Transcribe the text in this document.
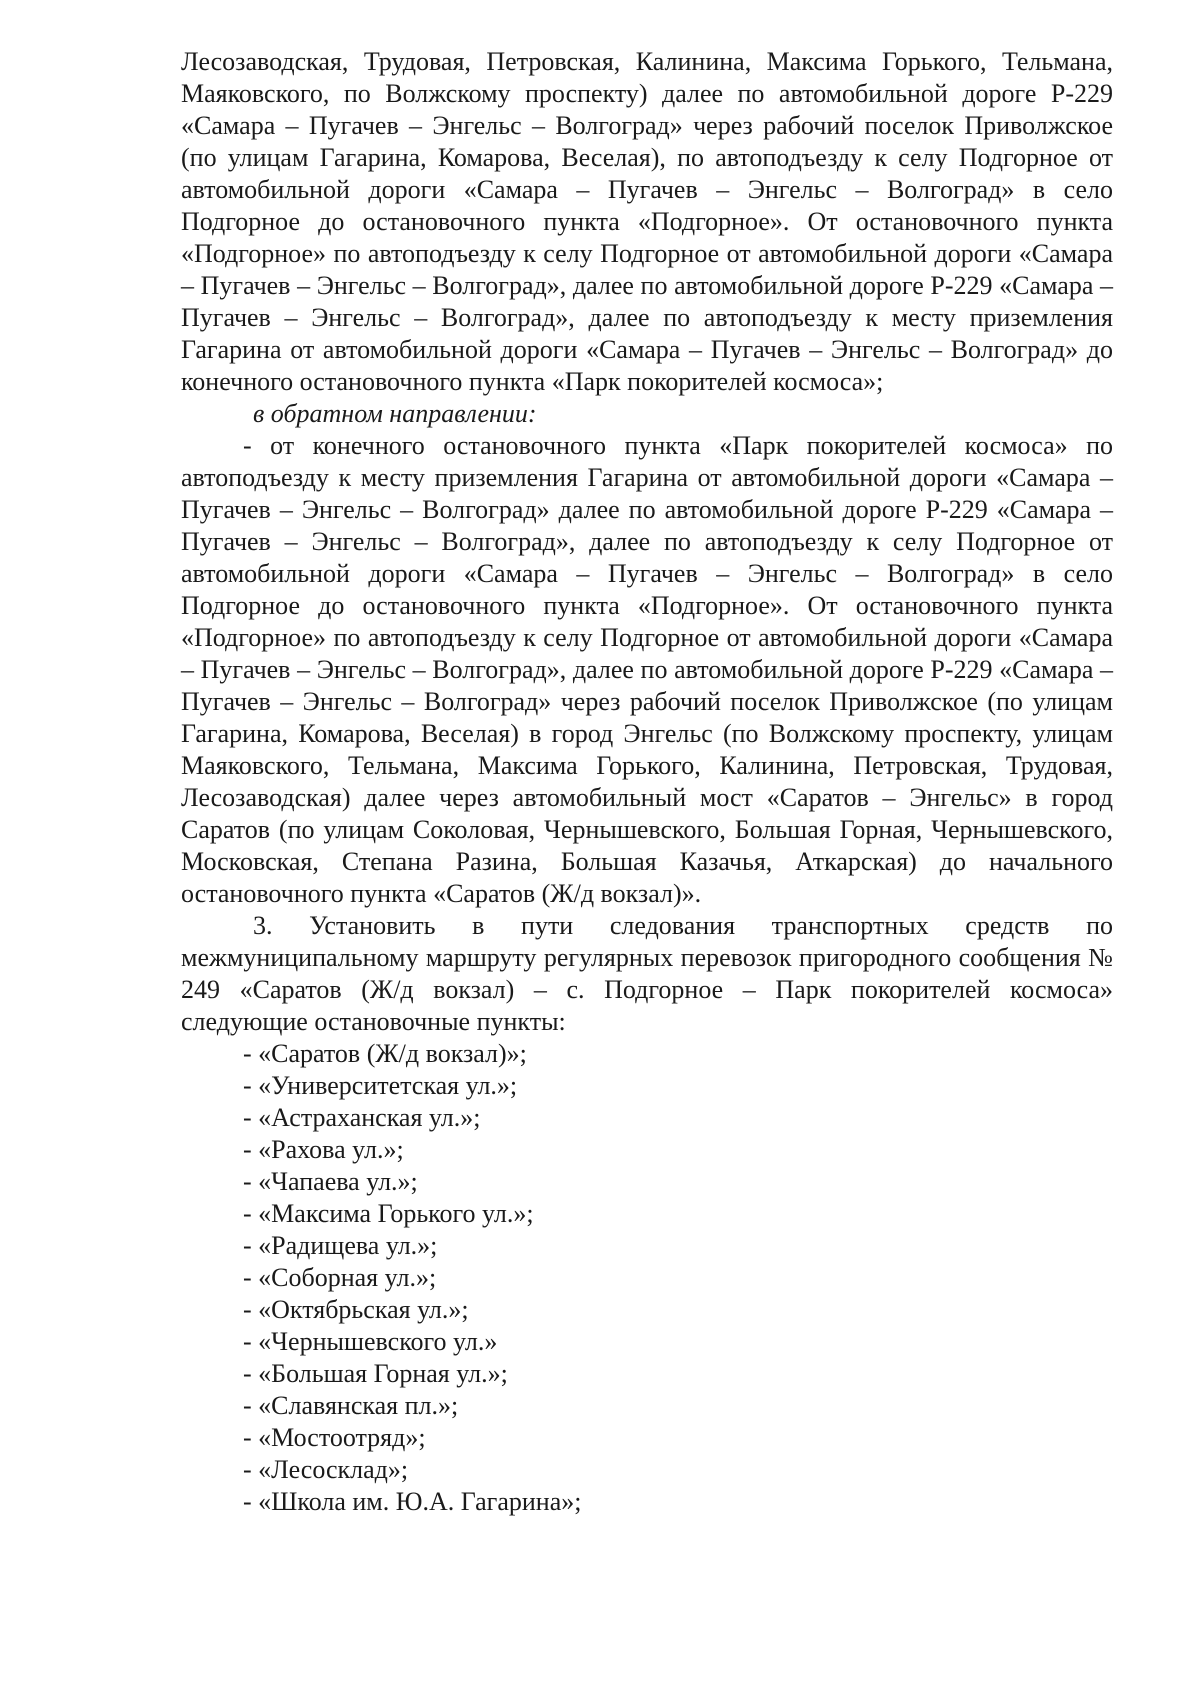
Лесозаводская, Трудовая, Петровская, Калинина, Максима Горького, Тельмана, Маяковского, по Волжскому проспекту) далее по автомобильной дороге Р-229 «Самара – Пугачев – Энгельс – Волгоград» через рабочий поселок Приволжское (по улицам Гагарина, Комарова, Веселая), по автоподъезду к селу Подгорное от автомобильной дороги «Самара – Пугачев – Энгельс – Волгоград» в село Подгорное до остановочного пункта «Подгорное». От остановочного пункта «Подгорное» по автоподъезду к селу Подгорное от автомобильной дороги «Самара – Пугачев – Энгельс – Волгоград», далее по автомобильной дороге Р-229 «Самара – Пугачев – Энгельс – Волгоград», далее по автоподъезду к месту приземления Гагарина от автомобильной дороги «Самара – Пугачев – Энгельс – Волгоград» до конечного остановочного пункта «Парк покорителей космоса»;

в обратном направлении:

- от конечного остановочного пункта «Парк покорителей космоса» по автоподъезду к месту приземления Гагарина от автомобильной дороги «Самара – Пугачев – Энгельс – Волгоград» далее по автомобильной дороге Р-229 «Самара – Пугачев – Энгельс – Волгоград», далее по автоподъезду к селу Подгорное от автомобильной дороги «Самара – Пугачев – Энгельс – Волгоград» в село Подгорное до остановочного пункта «Подгорное». От остановочного пункта «Подгорное» по автоподъезду к селу Подгорное от автомобильной дороги «Самара – Пугачев – Энгельс – Волгоград», далее по автомобильной дороге Р-229 «Самара – Пугачев – Энгельс – Волгоград» через рабочий поселок Приволжское (по улицам Гагарина, Комарова, Веселая) в город Энгельс (по Волжскому проспекту, улицам Маяковского, Тельмана, Максима Горького, Калинина, Петровская, Трудовая, Лесозаводская) далее через автомобильный мост «Саратов – Энгельс» в город Саратов (по улицам Соколовая, Чернышевского, Большая Горная, Чернышевского, Московская, Степана Разина, Большая Казачья, Аткарская) до начального остановочного пункта «Саратов (Ж/д вокзал)».

3. Установить в пути следования транспортных средств по межмуниципальному маршруту регулярных перевозок пригородного сообщения № 249 «Саратов (Ж/д вокзал) – с. Подгорное – Парк покорителей космоса» следующие остановочные пункты:

- «Саратов (Ж/д вокзал)»;
- «Университетская ул.»;
- «Астраханская ул.»;
- «Рахова ул.»;
- «Чапаева ул.»;
- «Максима Горького ул.»;
- «Радищева ул.»;
- «Соборная ул.»;
- «Октябрьская ул.»;
- «Чернышевского ул.»
- «Большая Горная ул.»;
- «Славянская пл.»;
- «Мостоотряд»;
- «Лесосклад»;
- «Школа им. Ю.А. Гагарина»;
